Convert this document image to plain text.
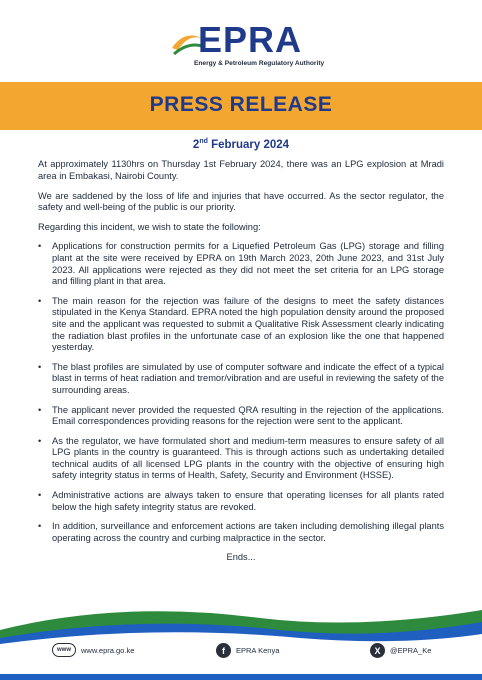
EPRA
Energy & Petroleum Regulatory Authority
PRESS RELEASE
2nd February 2024

At approximately 1130hrs on Thursday 1st February 2024, there was an LPG explosion at Mradi area in Embakasi, Nairobi County.

We are saddened by the loss of life and injuries that have occurred. As the sector regulator, the safety and well-being of the public is our priority.

Regarding this incident, we wish to state the following:

• Applications for construction permits for a Liquefied Petroleum Gas (LPG) storage and filling plant at the site were received by EPRA on 19th March 2023, 20th June 2023, and 31st July 2023. All applications were rejected as they did not meet the set criteria for an LPG storage and filling plant in that area.
• The main reason for the rejection was failure of the designs to meet the safety distances stipulated in the Kenya Standard. EPRA noted the high population density around the proposed site and the applicant was requested to submit a Qualitative Risk Assessment clearly indicating the radiation blast profiles in the unfortunate case of an explosion like the one that happened yesterday.
• The blast profiles are simulated by use of computer software and indicate the effect of a typical blast in terms of heat radiation and tremor/vibration and are useful in reviewing the safety of the surrounding areas.
• The applicant never provided the requested QRA resulting in the rejection of the applications. Email correspondences providing reasons for the rejection were sent to the applicant.
• As the regulator, we have formulated short and medium-term measures to ensure safety of all LPG plants in the country is guaranteed. This is through actions such as undertaking detailed technical audits of all licensed LPG plants in the country with the objective of ensuring high safety integrity status in terms of Health, Safety, Security and Environment (HSSE).
• Administrative actions are always taken to ensure that operating licenses for all plants rated below the high safety integrity status are revoked.
• In addition, surveillance and enforcement actions are taken including demolishing illegal plants operating across the country and curbing malpractice in the sector.
Ends...
www	www.epra.go.ke	f	EPRA Kenya	X	@EPRA_Ke
